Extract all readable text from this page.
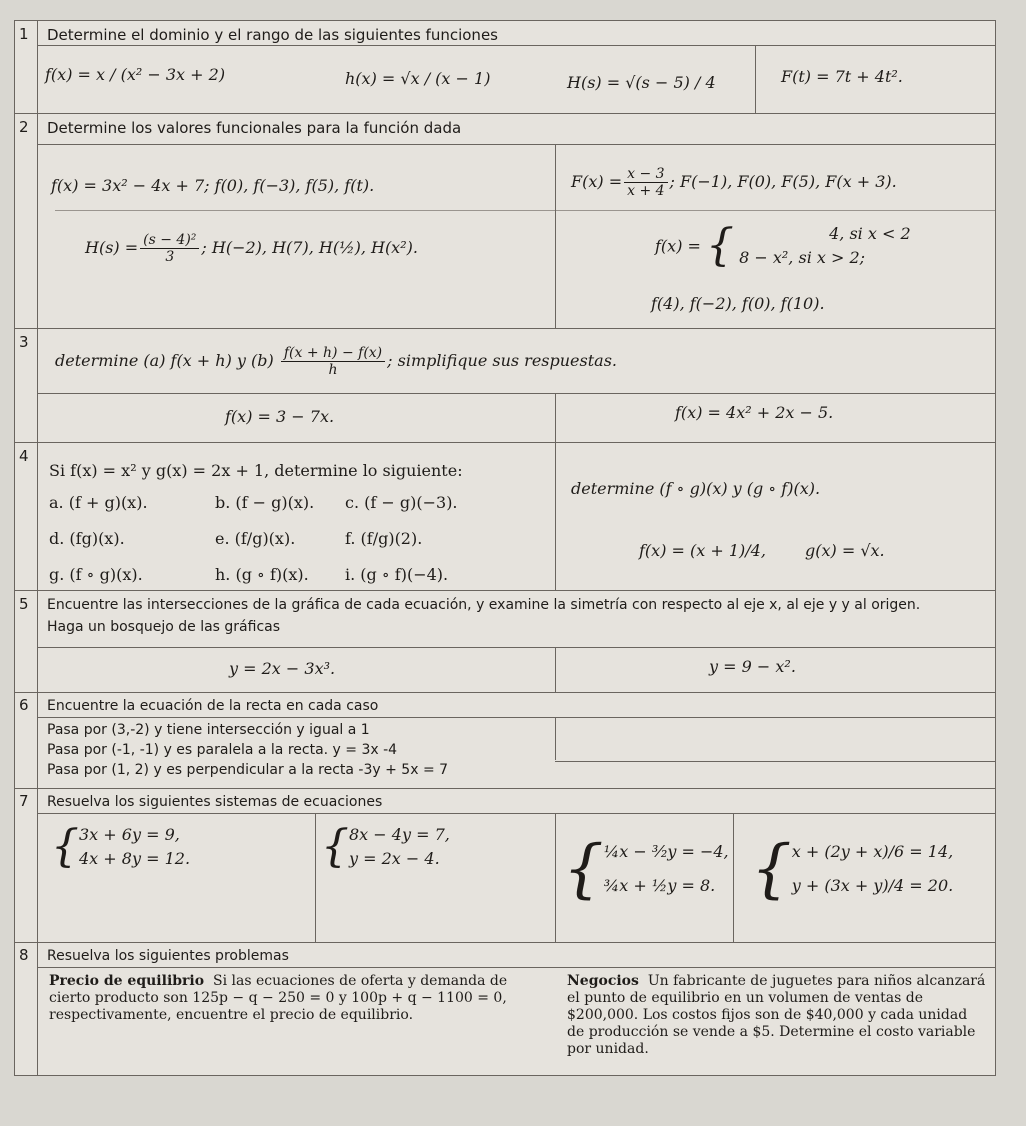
1	Determine el dominio y el rango de las siguientes funciones
f(x) = x / (x² − 3x + 2)	h(x) = √x / (x − 1)	H(s) = √(s − 5) / 4	F(t) = 7t + 4t².
2	Determine los valores funcionales para la función dada
f(x) = 3x² − 4x + 7; f(0), f(−3), f(5), f(t).	$F(x) = \frac{x - 3}{x + 4}$ ; F(−1), F(0), F(5), F(x + 3).
$H(s) = \frac{\text{(s − 4)²}}{3}$ ; H(−2), H(7), H(½), H(x²).	f(x) = {	4, si x < 2
8 − x², si x > 2;
f(4), f(−2), f(0), f(10).
3
determine (a) f(x + h) y $(b) \frac{f(x + h) - f(x)}{h}$ ; simplifique sus respuestas.
f(x) = 3 − 7x.	f(x) = 4x² + 2x − 5.
4
Si f(x) = x² y g(x) = 2x + 1, determine lo siguiente:
a. (f + g)(x).	b. (f − g)(x). c. (f − g)(−3).
d. (fg)(x).	e. (f/g)(x).	f. (f/g)(2).
g. (f ∘ g)(x).	h. (g ∘ f)(x). i. (g ∘ f)(−4).
determine (f ∘ g)(x) y (g ∘ f)(x).
f(x) = (x + 1)/4, g(x) = √x.
5	Encuentre las intersecciones de la gráfica de cada ecuación, y examine la simetría con respecto al eje x, al eje y y al origen.
Haga un bosquejo de las gráficas
y = 2x − 3x³.	y = 9 − x².
6	Encuentre la ecuación de la recta en cada caso
Pasa por (3,-2) y tiene intersección y igual a 1
Pasa por (-1, -1) y es paralela a la recta. y = 3x -4
Pasa por (1, 2) y es perpendicular a la recta -3y + 5x = 7
7	Resuelva los siguientes sistemas de ecuaciones
{ 3x + 6y = 9,
4x + 8y = 12.	{ 8x − 4y = 7,
y = 2x − 4. { ¼x − ³⁄₂y = −4,
¾x + ½y = 8. { x + (2y + x)/6 = 14,
y + (3x + y)/4 = 20.
8	Resuelva los siguientes problemas
Precio de equilibrio Si las ecuaciones de oferta y demanda de cierto producto son 125p − q − 250 = 0 y 100p + q − 1100 = 0, respectivamente, encuentre el precio de equilibrio.
Negocios Un fabricante de juguetes para niños alcanzará el punto de equilibrio en un volumen de ventas de $200,000. Los costos fijos son de $40,000 y cada unidad de producción se vende a $5. Determine el costo variable por unidad.
